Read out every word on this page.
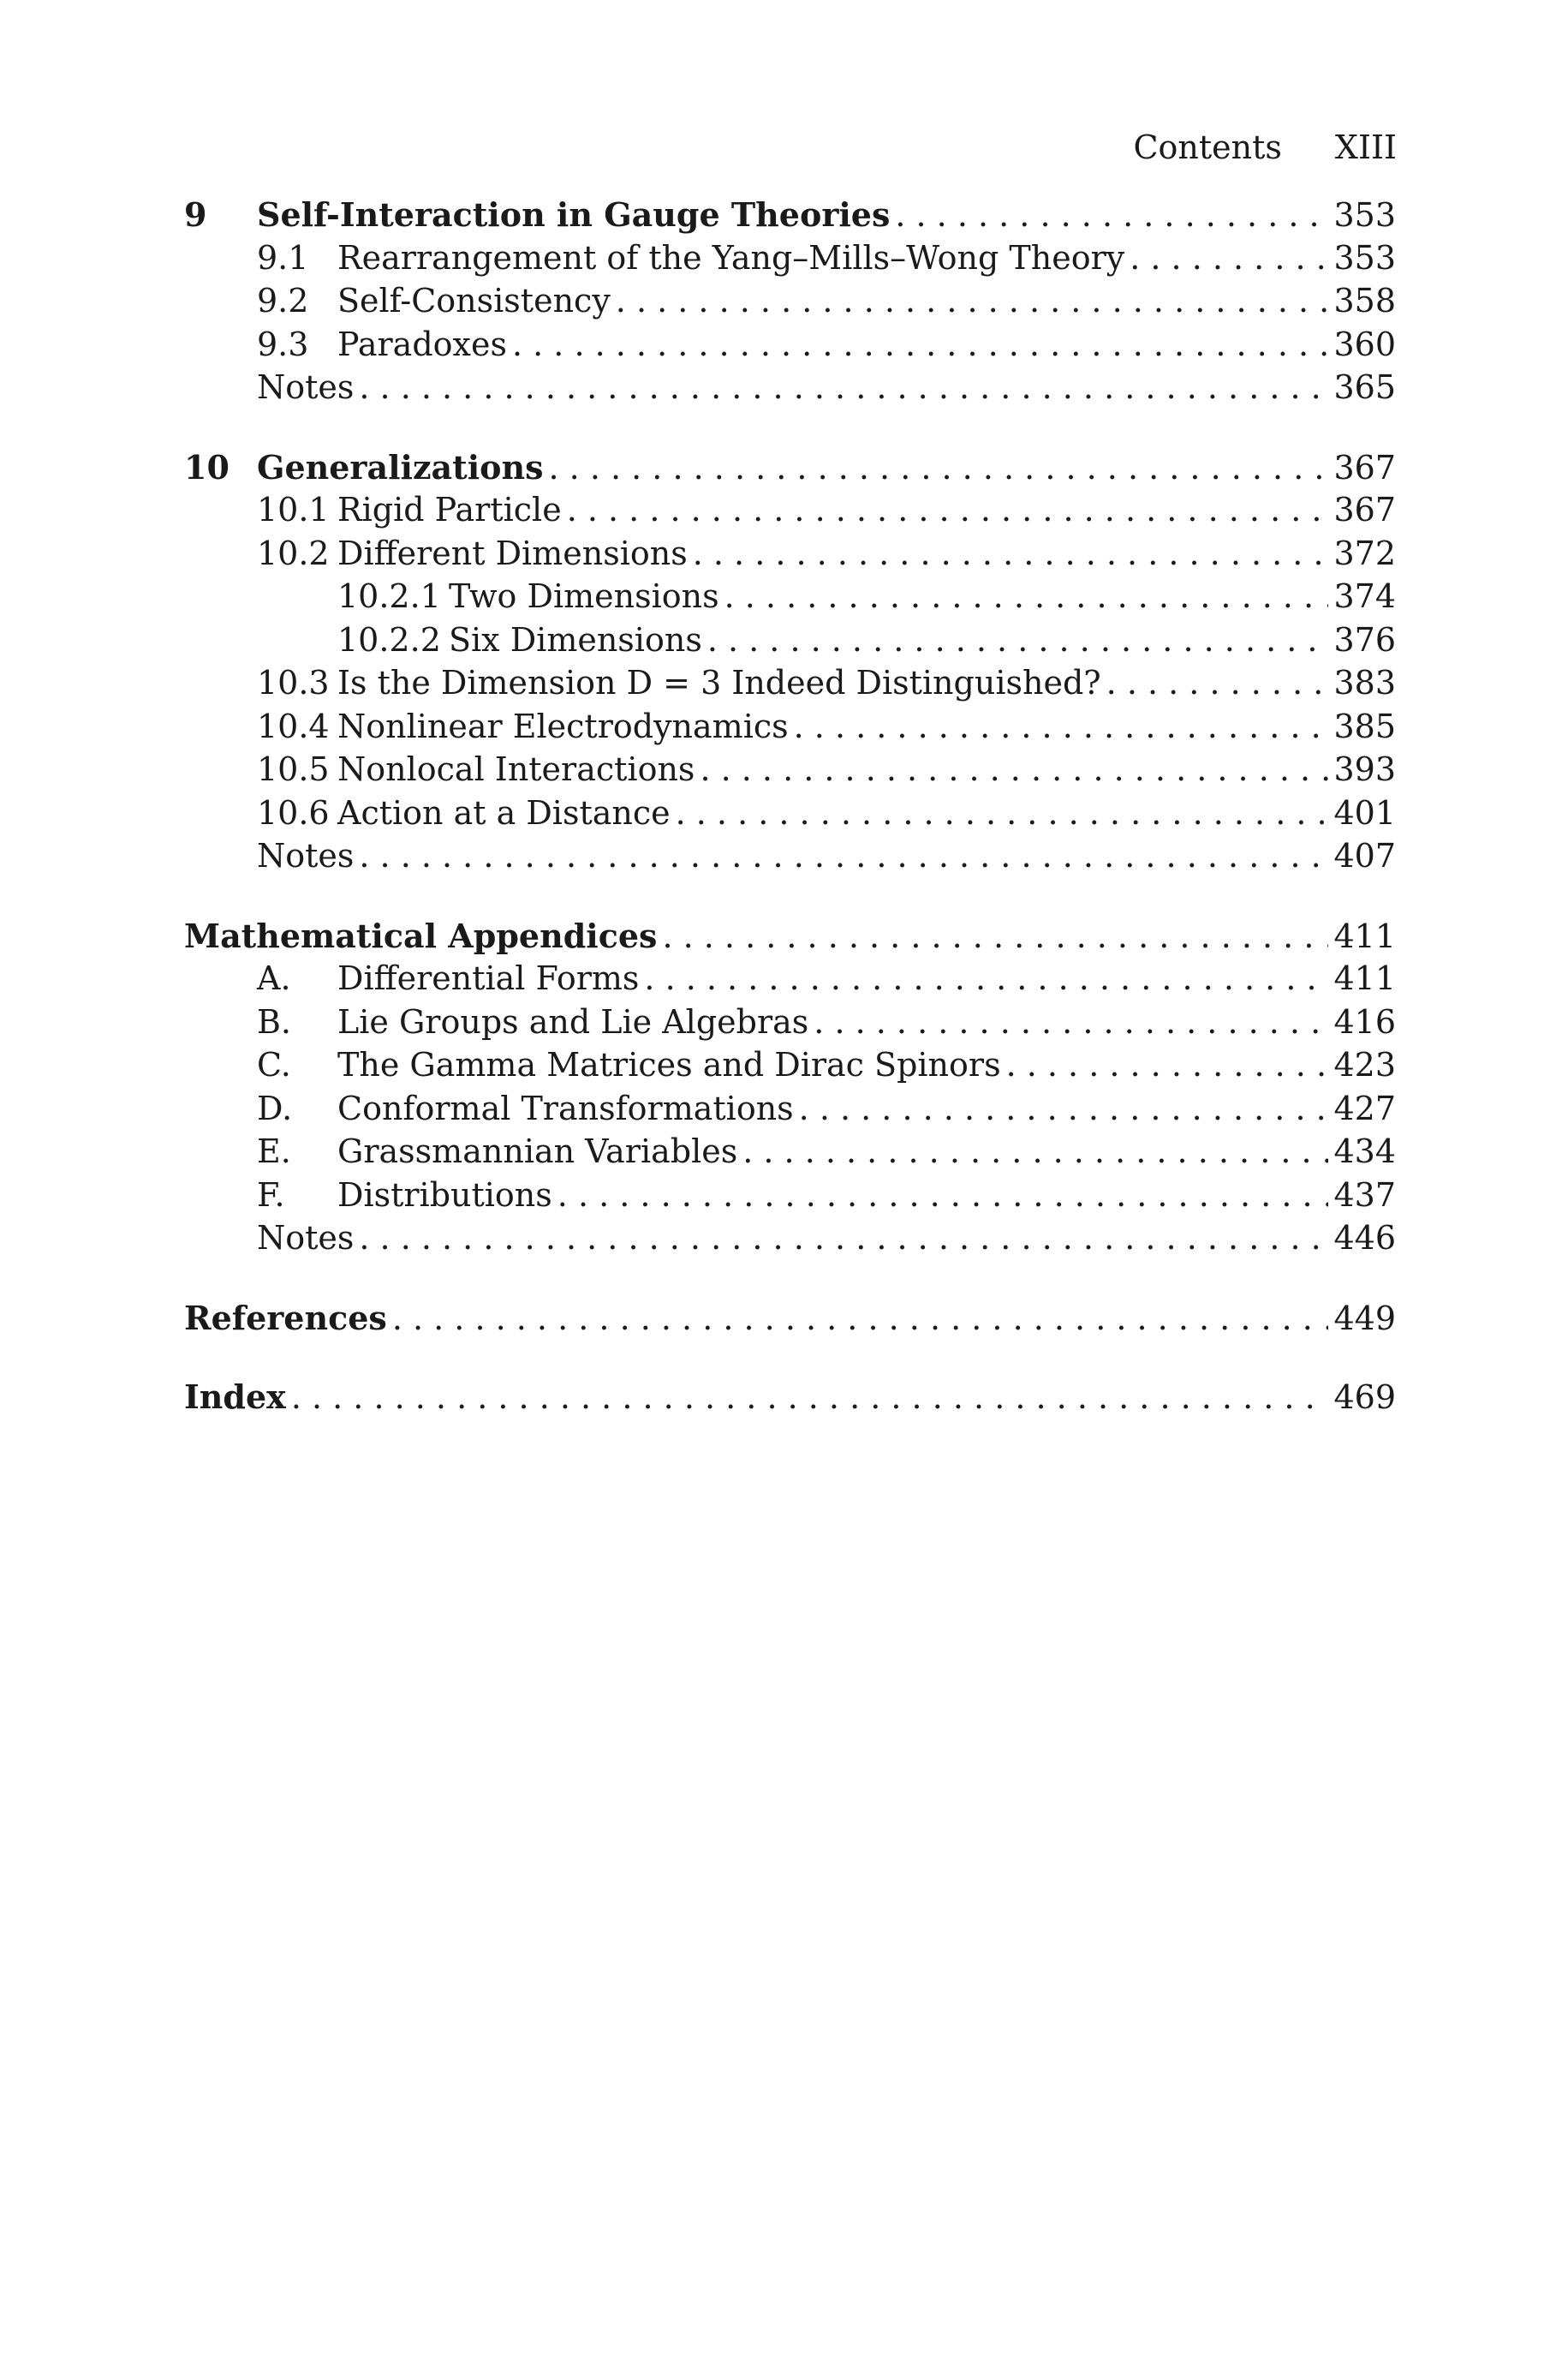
Contents XIII
9	Self-Interaction in Gauge Theories . . .	353
9.1 Rearrangement of the Yang–Mills–Wong Theory . . .	353
9.2 Self-Consistency . . .	358
9.3 Paradoxes . . .	360
Notes . . .	365
10 Generalizations . . .	367
10.1 Rigid Particle . . .	367
10.2 Different Dimensions . . .	372
10.2.1 Two Dimensions . . .	374
10.2.2 Six Dimensions . . .	376
10.3 Is the Dimension D = 3 Indeed Distinguished? . . .	383
10.4 Nonlinear Electrodynamics . . .	385
10.5 Nonlocal Interactions . . .	393
10.6 Action at a Distance . . .	401
Notes . . .	407
Mathematical Appendices . . .	411
A.	Differential Forms . . .	411
B.	Lie Groups and Lie Algebras . . .	416
C.	The Gamma Matrices and Dirac Spinors . . .	423
D.	Conformal Transformations . . .	427
E.	Grassmannian Variables . . .	434
F.	Distributions . . .	437
Notes . . .	446
References . . .	449
Index . . .	469
